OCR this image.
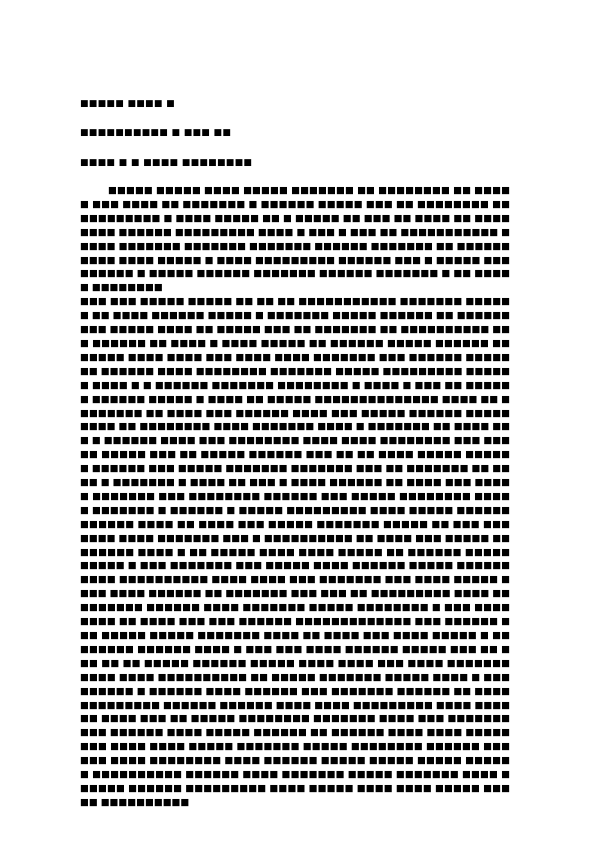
■■■■■ ■■■■ ■
■■■■■■■■■■ ■ ■■■ ■■
■■■■ ■ ■ ■■■■ ■■■■■■■■

■■■■■ ■■■■■ ■■■■ ■■■■■ ■■■■■■■ ■■ ■■■■■■■■ ■■ ■■■■■ ■■■ ■■■■ ■■ ■■■■■■■ ■ ■■■■■■ ■■■■■ ■■■ ■■ ■■■■■■■■ ■■■■■■■■■■■ ■ ■■■■ ■■■■■ ■■ ■ ■■■■■ ■■ ■■■ ■■ ■■■■ ■■ ■■■■■■■■ ■■■■■■ ■■■■■■■■■ ■■■■ ■ ■■■ ■ ■■■ ■■ ■■■■■■■■■■■ ■■■■■ ■■■■■■■ ■■■■■■■ ■■■■■■■ ■■■■■■ ■■■■■■■ ■■ ■■■■■■■■■■ ■■■■ ■■■■■ ■ ■■■■ ■■■■■■■■■ ■■■■■■ ■■■ ■ ■■■■■ ■■■■■■■■■ ■ ■■■■■ ■■■■■■ ■■■■■■■ ■■■■■■ ■■■■■■■ ■ ■■ ■■■■■ ■■■■■■■■

■■■ ■■■ ■■■■■ ■■■■■ ■■ ■■ ■■ ■■■■■■■■■■■ ■■■■■■■ ■■■■■■ ■■ ■■■■ ■■■■■■ ■■■■■ ■ ■■■■■■■ ■■■■■ ■■■■■■ ■■ ■■■■■■ ■■■ ■■■■■ ■■■■ ■■ ■■■■■ ■■■ ■■ ■■■■■■■ ■■ ■■■■■■■■■■ ■■■ ■■■■■■ ■■ ■■■■ ■ ■■■■ ■■■■■ ■■ ■■■■■■ ■■■■■ ■■■■■■ ■■■■■■■ ■■■■ ■■■■ ■■■ ■■■■ ■■■■ ■■■■■■■ ■■■ ■■■■■■ ■■■■■■■ ■■■■■■ ■■■■ ■■■■■■■■ ■■■■■■■ ■■■■■ ■■■■■■■■■ ■■■■■■ ■■■■ ■ ■ ■■■■■■ ■■■■■■■ ■■■■■■■■ ■ ■■■■ ■ ■■■ ■■ ■■■■■■ ■■■■■■ ■■■■■ ■ ■■■■ ■■ ■■■■■ ■■■■■■■■■■■■■■ ■■■■ ■■ ■ ■■■■■■■ ■■ ■■■■ ■■■ ■■■■■■ ■■■■ ■■■ ■■■■■ ■■■■■■ ■■■■■ ■■■■ ■■ ■■■■■■■■ ■■■■ ■■■■■■■ ■■■■ ■ ■■■■■■■ ■■ ■■■■ ■■■ ■ ■■■■■■ ■■■■ ■■■ ■■■■■■■■ ■■■■ ■■■■ ■■■■■■■■ ■■■ ■■■■■ ■■■■■ ■■■ ■■ ■■■■■ ■■■■■■ ■■■ ■■ ■■ ■■■■ ■■■■■ ■■■■■■ ■■■■■■ ■■■ ■■■■■ ■■■■■■■ ■■■■■■■ ■■■ ■■ ■■■■■■■ ■■ ■■■■ ■ ■■■■■■■ ■ ■■■■ ■■ ■■■ ■ ■■■■ ■■■■■■ ■■ ■■■■ ■■■ ■■■■■ ■■■■■■■ ■■■ ■■■■■■■■ ■■■■■■ ■■■ ■■■■■ ■■■■■■■■ ■■■■ ■ ■■■■■■■ ■ ■■■■■■ ■ ■■■■■ ■■■■■■■■■ ■■■■ ■■■■■ ■■■■■■ ■■■■■■ ■■■■ ■■ ■■■■ ■■■ ■■■■■ ■■■■■■■ ■■■■■ ■■ ■■■ ■■■ ■■■■ ■■■■ ■■■■■■■ ■■■ ■ ■■■■■■■■■■ ■■ ■■■■ ■■■ ■■■■■ ■■ ■■■■■■ ■■■■ ■ ■■ ■■■■■ ■■■■ ■■■■ ■■■■■ ■■ ■■■■■■ ■■■■■ ■■■■■ ■ ■■■ ■■■■■■■ ■■■ ■■■■■ ■■■■ ■■■■■■ ■■■■■ ■■■■■■ ■■■■ ■■■■■■■■■■ ■■■■ ■■■■ ■■■ ■■■■■■■ ■■■ ■■■■ ■■■■■ ■■■■ ■■■■ ■■■■■■ ■■ ■■■■■■■ ■■■ ■■■ ■■ ■■■■■■■■■ ■■■■ ■■■■■■■■■ ■■■■■■ ■■■■ ■■■■■■■ ■■■■■ ■■■■■■■■ ■ ■■■ ■■■■■■■■ ■■ ■■■■ ■■■ ■■■ ■■■■■■ ■■■■■■■■■■■■■ ■■■ ■■■■■■ ■■■ ■■■■■ ■■■■■ ■■■■■■■ ■■■■ ■■ ■■■■ ■■■ ■■■■ ■■■■■ ■ ■■■■■■■■ ■■■■■■ ■■■■ ■ ■■■ ■■■ ■■■■ ■■■■■■ ■■■■■ ■■■ ■■ ■■■ ■■ ■■ ■■■■■ ■■■■■■ ■■■■■ ■■■■ ■■■■ ■■■ ■■■■ ■■■■■■■ ■■■■ ■■■■ ■■■■■■■■■■ ■■ ■■■■■ ■■■■■■■ ■■■■■ ■■■■ ■ ■■■ ■■■■■■ ■ ■■■■■■ ■■■■ ■■■■■■ ■■■ ■■■■■■■ ■■■■■■ ■■ ■■■■ ■■■■■■■■■ ■■■■■■ ■■■■■■ ■■■■ ■■■■ ■■■■■■■■■ ■■■■ ■■■■■■ ■■■■ ■■■ ■■ ■■■■■ ■■■■■■■■ ■■■■■■■ ■■■■ ■■■ ■■■■■■■ ■■■ ■■■■■■ ■■■■ ■■■■■ ■■■■■■ ■■ ■■■■■■ ■■■■ ■■■■ ■■■■■■■■ ■■■■ ■■■■ ■■■■■ ■■■■■■■ ■■■■■ ■■■■■■■■ ■■■■■■ ■■■■■■ ■■■■ ■■■■■■■■ ■■■■ ■■■■■■ ■■■■■ ■■■■■ ■■■■■ ■■■■■■ ■■■■■■■■■■ ■■■■■■ ■■■■ ■■■■■■■ ■■■■■ ■■■■■■■ ■■■■ ■■■■■■ ■■■■■■ ■■■■■■■■■ ■■■■ ■■■■■ ■■■■ ■■■■ ■■■■■ ■■■■■ ■■■■■■■■■■
